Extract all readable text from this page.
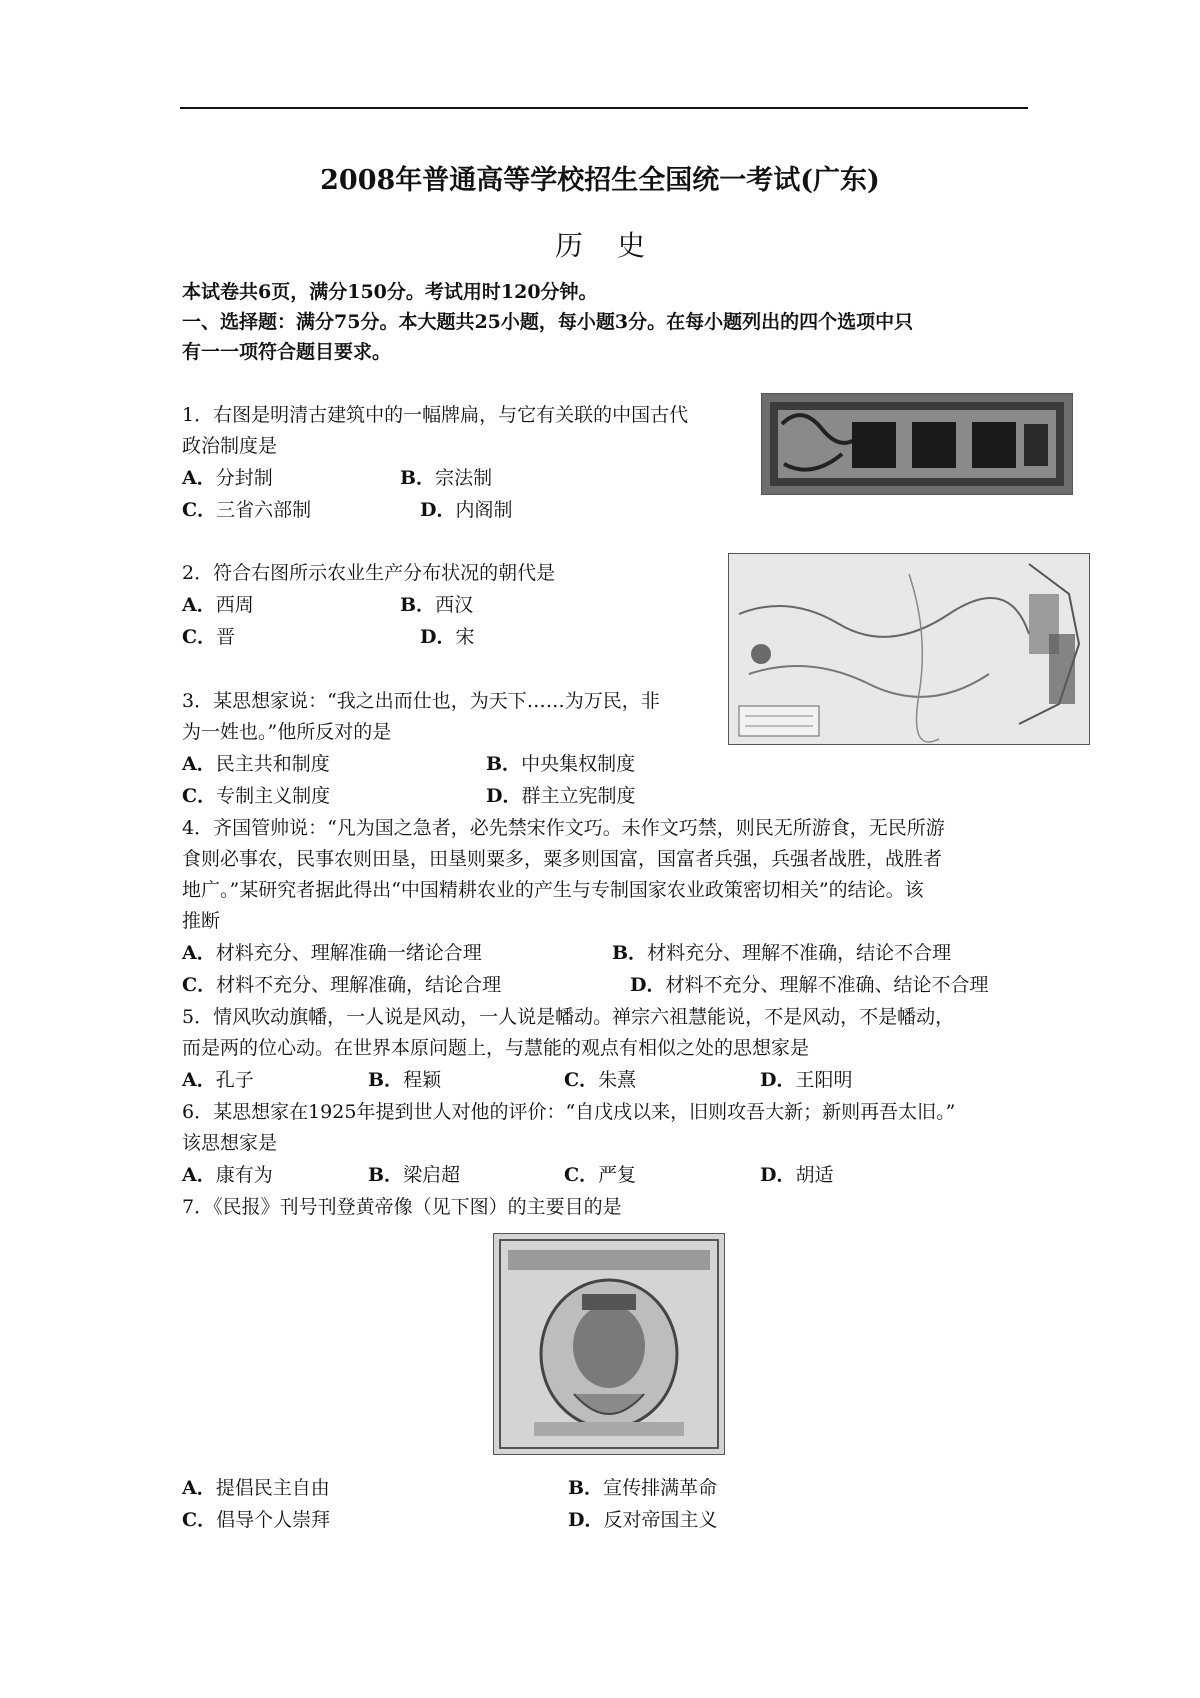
2008年普通高等学校招生全国统一考试(广东)
历史
本试卷共6页，满分150分。考试用时120分钟。
一、选择题：满分75分。本大题共25小题，每小题3分。在每小题列出的四个选项中只
有一一项符合题目要求。
1．右图是明清古建筑中的一幅牌扁，与它有关联的中国古代
政治制度是
A．分封制	B．宗法制
C．三省六部制	D．内阁制
2．符合右图所示农业生产分布状况的朝代是
A．西周	B．西汉
C．晋	D．宋
3．某思想家说：“我之出而仕也，为天下……为万民，非
为一姓也。”他所反对的是
A．民主共和制度	B．中央集权制度
C．专制主义制度	D．群主立宪制度
4．齐国管帅说：“凡为国之急者，必先禁宋作文巧。未作文巧禁，则民无所游食，无民所游
食则必事农，民事农则田垦，田垦则粟多，粟多则国富，国富者兵强，兵强者战胜，战胜者
地广。”某研究者据此得出“中国精耕农业的产生与专制国家农业政策密切相关”的结论。该
推断
A．材料充分、理解准确一绪论合理	B．材料充分、理解不准确，结论不合理
C．材料不充分、理解准确，结论合理	D．材料不充分、理解不准确、结论不合理
5．情风吹动旗幡，一人说是风动，一人说是幡动。禅宗六祖慧能说，不是风动，不是幡动，
而是两的位心动。在世界本原问题上，与慧能的观点有相似之处的思想家是
A．孔子	B．程颖	C．朱熹	D．王阳明
6．某思想家在1925年提到世人对他的评价：“自戊戌以来，旧则攻吾大新；新则再吾太旧。”
该思想家是
A．康有为	B．梁启超	C．严复	D．胡适
7．《民报》刊号刊登黄帝像（见下图）的主要目的是
A．提倡民主自由	B．宣传排满革命
C．倡导个人崇拜	D．反对帝国主义
